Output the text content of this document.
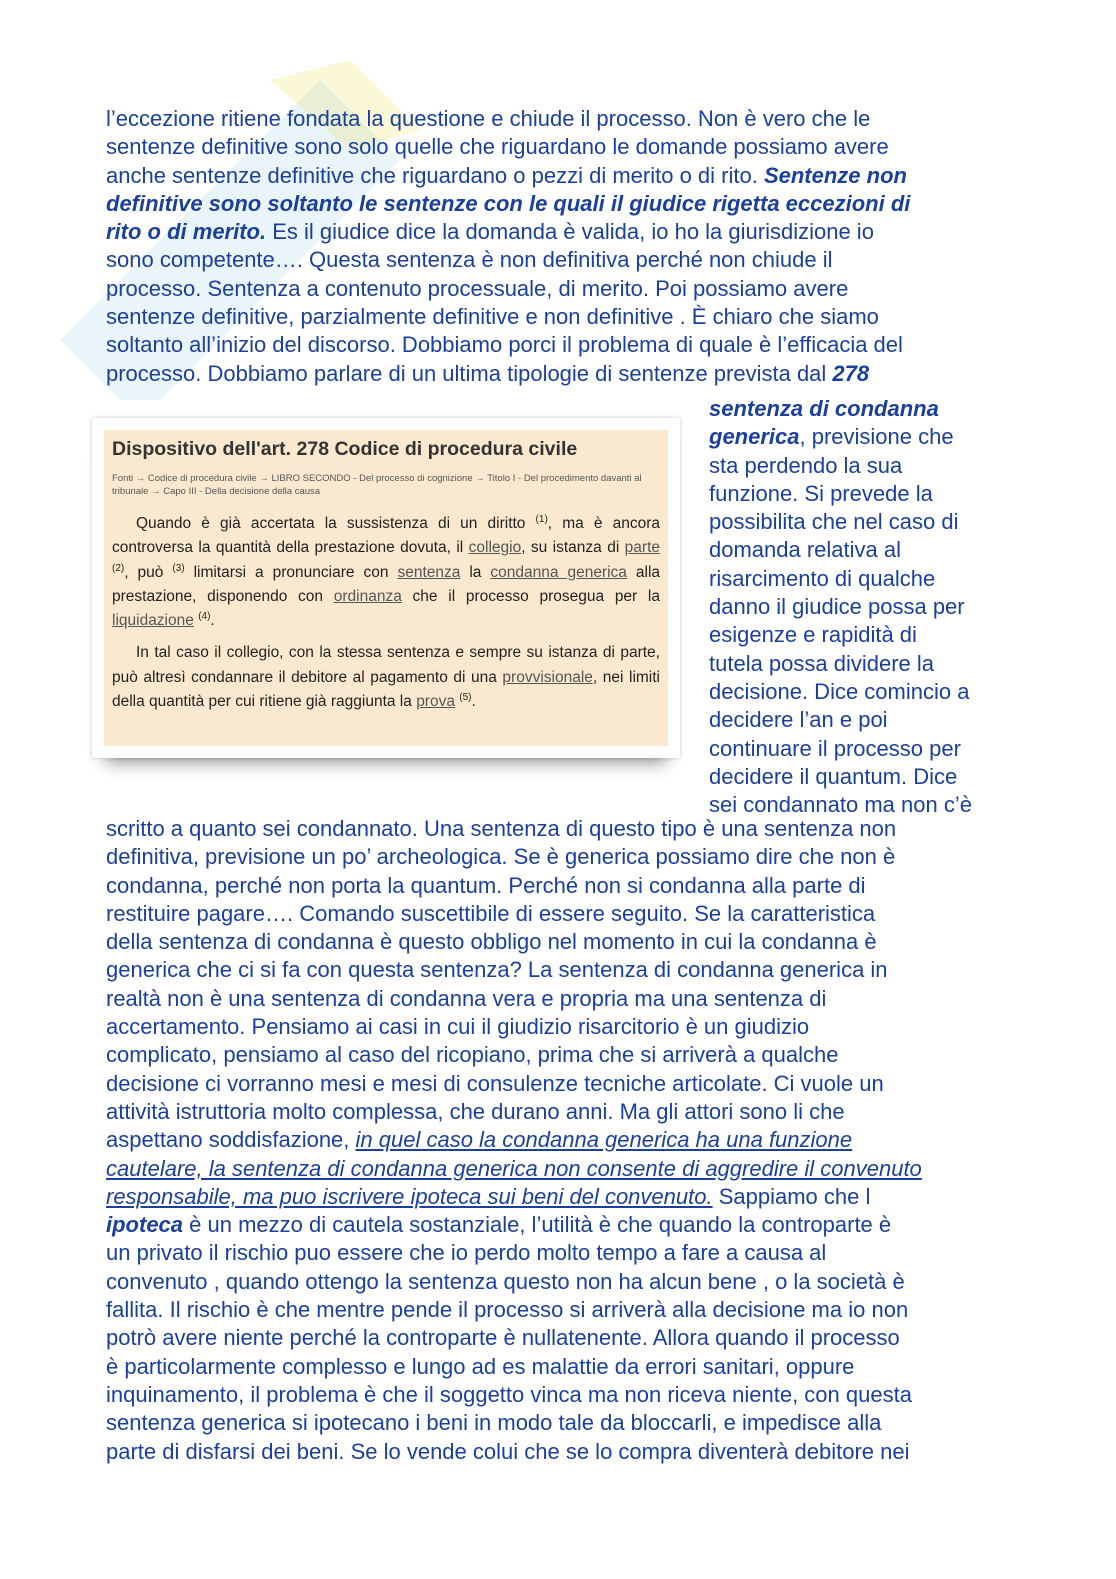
l’eccezione ritiene fondata la questione e chiude il processo. Non è vero che le
sentenze definitive sono solo quelle che riguardano le domande possiamo avere
anche sentenze definitive che riguardano o pezzi di merito o di rito. Sentenze non
definitive sono soltanto le sentenze con le quali il giudice rigetta eccezioni di
rito o di merito. Es il giudice dice la domanda è valida, io ho la giurisdizione io
sono competente…. Questa sentenza è non definitiva perché non chiude il
processo. Sentenza a contenuto processuale, di merito. Poi possiamo avere
sentenze definitive, parzialmente definitive e non definitive . È chiaro che siamo
soltanto all’inizio del discorso. Dobbiamo porci il problema di quale è l’efficacia del
processo. Dobbiamo parlare di un ultima tipologie di sentenze prevista dal 278
Dispositivo dell'art. 278 Codice di procedura civile
Fonti → Codice di procedura civile → LIBRO SECONDO - Del processo di cognizione → Titolo I - Del procedimento davanti al tribunale → Capo III - Della decisione della causa

Quando è già accertata la sussistenza di un diritto $^{(1)}$, ma è ancora controversa la quantità della prestazione dovuta, il collegio, su istanza di parte $^{(2)}$, può $^{(3)}$ limitarsi a pronunciare con sentenza la condanna generica alla prestazione, disponendo con ordinanza che il processo prosegua per la liquidazione $^{(4)}$.

In tal caso il collegio, con la stessa sentenza e sempre su istanza di parte, può altresì condannare il debitore al pagamento di una provvisionale, nei limiti della quantità per cui ritiene già raggiunta la prova $^{(5)}$.

sentenza di condanna
generica, previsione che
sta perdendo la sua
funzione. Si prevede la
possibilita che nel caso di
domanda relativa al
risarcimento di qualche
danno il giudice possa per
esigenze e rapidità di
tutela possa dividere la
decisione. Dice comincio a
decidere l’an e poi
continuare il processo per
decidere il quantum. Dice
sei condannato ma non c’è
scritto a quanto sei condannato. Una sentenza di questo tipo è una sentenza non
definitiva, previsione un po’ archeologica. Se è generica possiamo dire che non è
condanna, perché non porta la quantum. Perché non si condanna alla parte di
restituire pagare…. Comando suscettibile di essere seguito. Se la caratteristica
della sentenza di condanna è questo obbligo nel momento in cui la condanna è
generica che ci si fa con questa sentenza? La sentenza di condanna generica in
realtà non è una sentenza di condanna vera e propria ma una sentenza di
accertamento. Pensiamo ai casi in cui il giudizio risarcitorio è un giudizio
complicato, pensiamo al caso del ricopiano, prima che si arriverà a qualche
decisione ci vorranno mesi e mesi di consulenze tecniche articolate. Ci vuole un
attività istruttoria molto complessa, che durano anni. Ma gli attori sono li che
aspettano soddisfazione, in quel caso la condanna generica ha una funzione
cautelare, la sentenza di condanna generica non consente di aggredire il convenuto
responsabile, ma puo iscrivere ipoteca sui beni del convenuto. Sappiamo che l
ipoteca è un mezzo di cautela sostanziale, l’utilità è che quando la controparte è
un privato il rischio puo essere che io perdo molto tempo a fare a causa al
convenuto , quando ottengo la sentenza questo non ha alcun bene , o la società è
fallita. Il rischio è che mentre pende il processo si arriverà alla decisione ma io non
potrò avere niente perché la controparte è nullatenente. Allora quando il processo
è particolarmente complesso e lungo ad es malattie da errori sanitari, oppure
inquinamento, il problema è che il soggetto vinca ma non riceva niente, con questa
sentenza generica si ipotecano i beni in modo tale da bloccarli, e impedisce alla
parte di disfarsi dei beni. Se lo vende colui che se lo compra diventerà debitore nei
